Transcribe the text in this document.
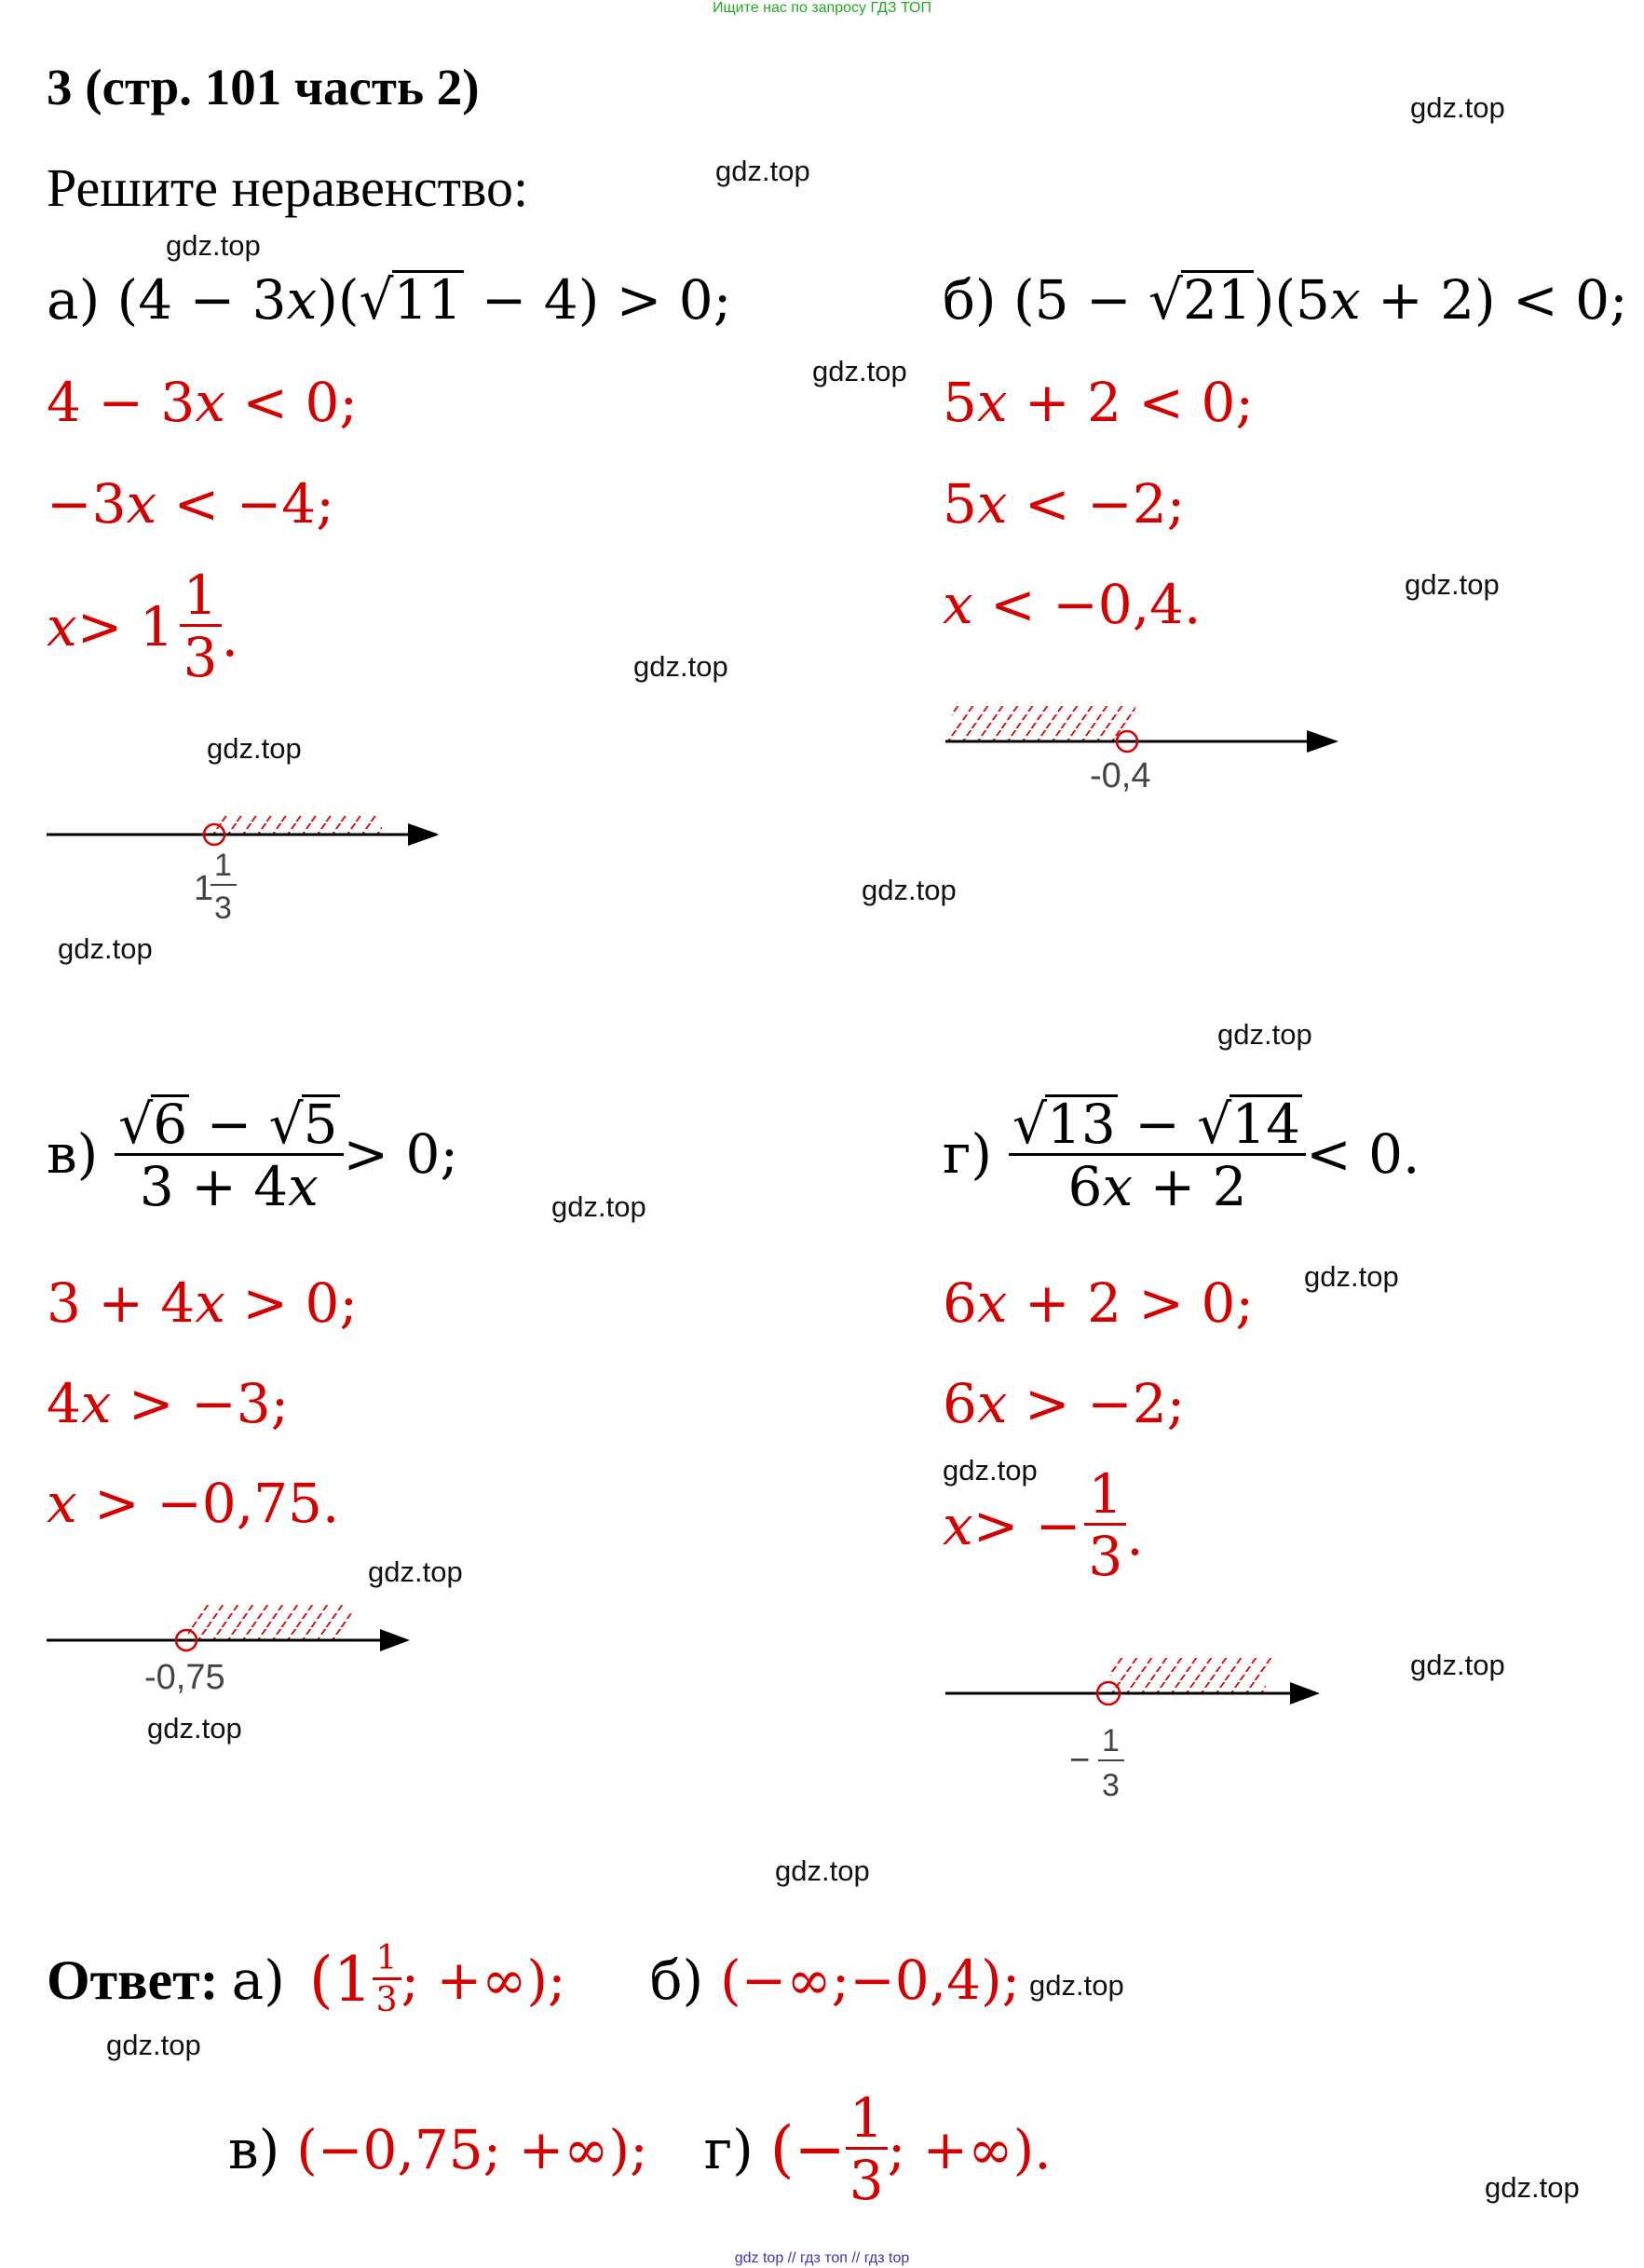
Ищите нас по запросу ГДЗ ТОП
3 (стр. 101 часть 2)
Решите неравенство:
а) (4 − 3x)(√11 − 4) > 0;
4 − 3x < 0;
−3x < −4;
$x > 1 \frac{1}{3}$ .
1
1
3
б) (5 − √21)(5x + 2) < 0;
5x + 2 < 0;
5x < −2;
x < −0,4.
-0,4
$в) \frac{√6 - √5}{3 + 4x} > 0$;
3 + 4x > 0;
4x > −3;
x > −0,75.
-0,75
$г) \frac{√13 - √14}{6x + 2} < 0$.
6x + 2 > 0;
6x > −2;
x > − $\frac{1}{3}$ .
− 1
3
Ответ: а) ($1 \frac{1}{3}$ ; +∞); б) (−∞;−0,4);
в) (−0,75; +∞); г) (− $\frac{1}{3}$ ; +∞).
gdz.top
gdz.top
gdz.top
gdz.top
gdz.top
gdz.top
gdz.top
gdz.top
gdz.top
gdz.top
gdz.top
gdz.top
gdz.top
gdz.top
gdz.top
gdz.top
gdz.top
gdz.top
gdz.top
gdz.top
gdz top // гдз топ // гдз top
